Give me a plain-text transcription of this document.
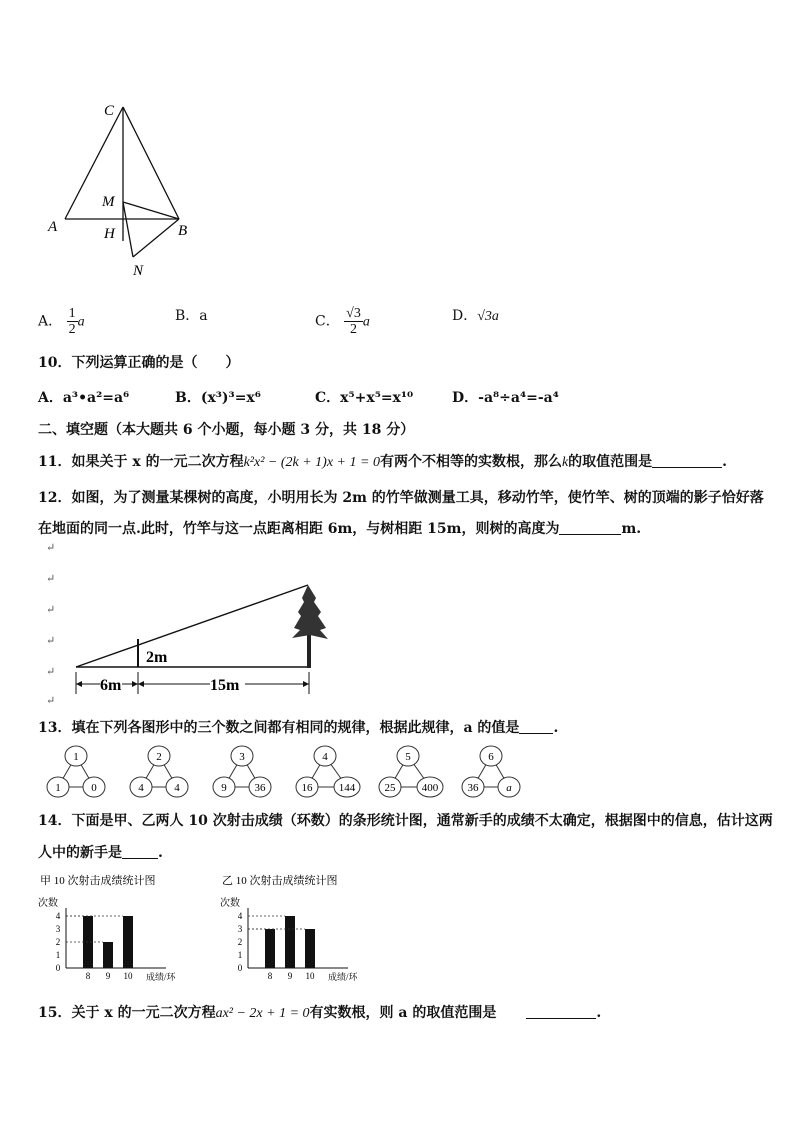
C
M
A	H	B
N
A． $\frac{1}{2}$ a	B．a	C． $\frac{√3}{2}$ a	D．√3a
10．下列运算正确的是（　　）
A．a³•a²=a⁶	B．(x³)³=x⁶	C．x⁵+x⁵=x¹⁰	D．-a⁸÷a⁴=-a⁴
二、填空题（本大题共 6 个小题，每小题 3 分，共 18 分）
11．如果关于 x 的一元二次方程k²x² − (2k + 1)x + 1 = 0有两个不相等的实数根，那么k的取值范围是	.
12．如图，为了测量某棵树的高度，小明用长为 2m 的竹竿做测量工具，移动竹竿，使竹竿、树的顶端的影子恰好落
在地面的同一点.此时，竹竿与这一点距离相距 6m，与树相距 15m，则树的高度为	m.
↵
↵
↵
↵
↵
↵
2m
6m	15m
13．填在下列各图形中的三个数之间都有相同的规律，根据此规律，a 的值是 .
1
1	0
2
4	4
3
9	36
4
16 144
5
25 400
6
36	a
14．下面是甲、乙两人 10 次射击成绩（环数）的条形统计图，通常新手的成绩不太确定，根据图中的信息，估计这两
人中的新手是	.
甲 10 次射击成绩统计图
次数
0
1
2
3
4
8 9 10 成绩/环
乙 10 次射击成绩统计图
次数
0
1
2
3
4
8 9 10 成绩/环
15．关于 x 的一元二次方程ax² − 2x + 1 = 0有实数根，则 a 的取值范围是	.
